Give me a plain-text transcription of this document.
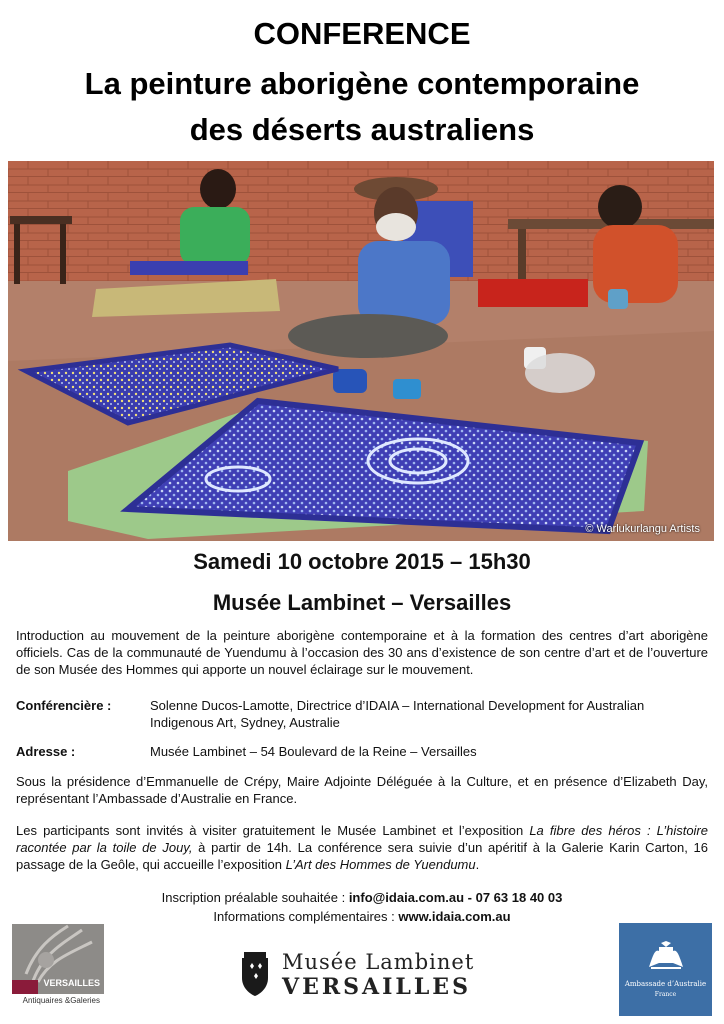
CONFERENCE
La peinture aborigène contemporaine
des déserts australiens
© Warlukurlangu Artists
Samedi 10 octobre 2015 – 15h30
Musée Lambinet – Versailles
Introduction au mouvement de la peinture aborigène contemporaine et à la formation des centres d’art aborigène officiels. Cas de la communauté de Yuendumu à l’occasion des 30 ans d’existence de son centre d’art et de l’ouverture de son Musée des Hommes qui apporte un nouvel éclairage sur le mouvement.
Conférencière :	Solenne Ducos-Lamotte, Directrice d’IDAIA – International Development for Australian Indigenous Art, Sydney, Australie
Adresse :	Musée Lambinet – 54 Boulevard de la Reine – Versailles
Sous la présidence d’Emmanuelle de Crépy, Maire Adjointe Déléguée à la Culture, et en présence d’Elizabeth Day, représentant l’Ambassade d’Australie en France.
Les participants sont invités à visiter gratuitement le Musée Lambinet et l’exposition La fibre des héros : L’histoire racontée par la toile de Jouy, à partir de 14h. La conférence sera suivie d’un apéritif à la Galerie Karin Carton, 16 passage de la Geôle, qui accueille l’exposition L’Art des Hommes de Yuendumu.
Inscription préalable souhaitée : info@idaia.com.au - 07 63 18 40 03
Informations complémentaires : www.idaia.com.au
VERSAILLES
Antiquaires &Galeries
Musée Lambinet
VERSAILLES	Ambassade d’Australie
France
